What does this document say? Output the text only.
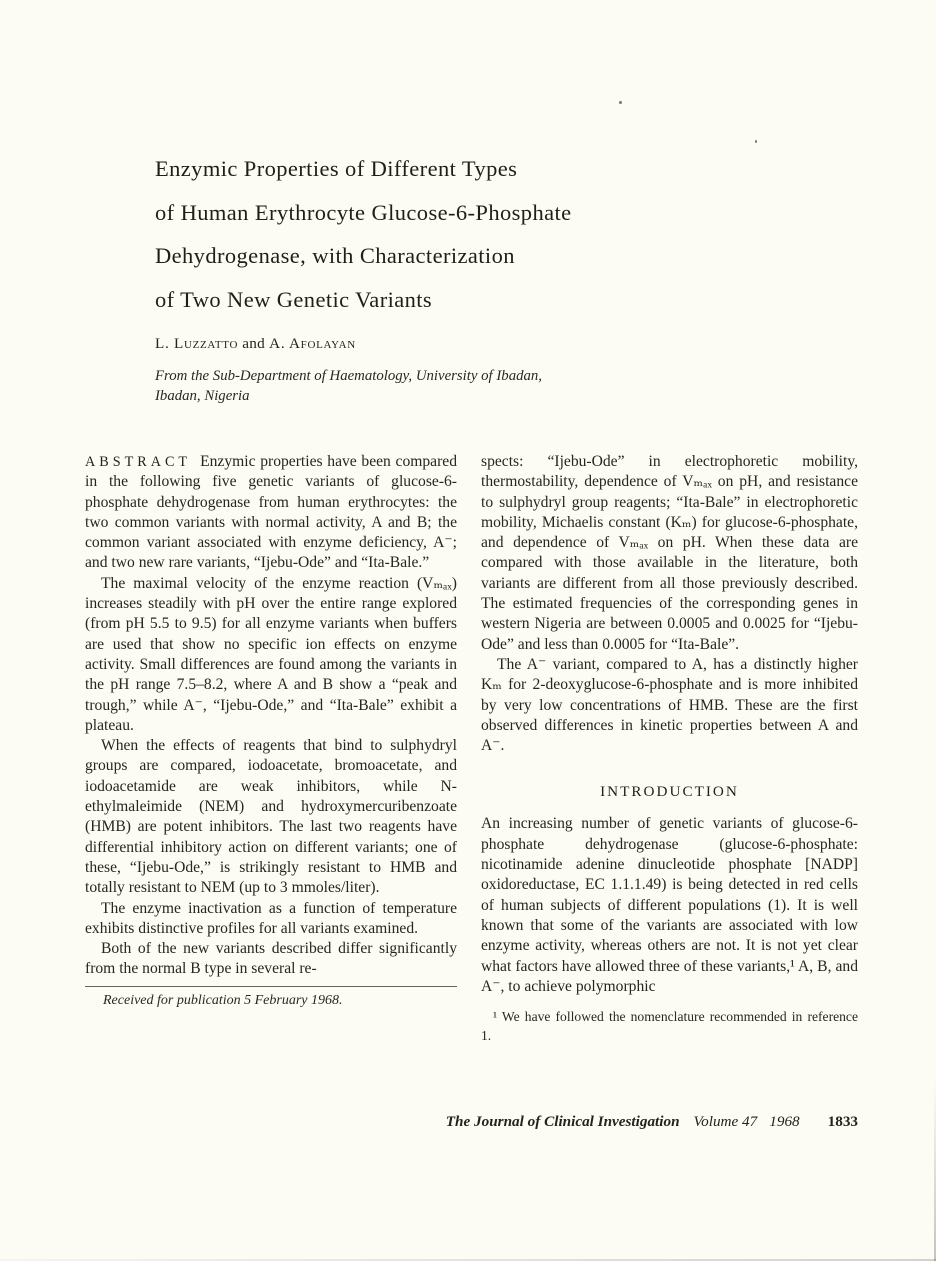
Enzymic Properties of Different Types
of Human Erythrocyte Glucose-6-Phosphate
Dehydrogenase, with Characterization
of Two New Genetic Variants
L. Luzzatto and A. Afolayan
From the Sub-Department of Haematology, University of Ibadan,
Ibadan, Nigeria

ABSTRACT Enzymic properties have been compared in the following five genetic variants of glucose-6-phosphate dehydrogenase from human erythrocytes: the two common variants with normal activity, A and B; the common variant associated with enzyme deficiency, A⁻; and two new rare variants, “Ijebu-Ode” and “Ita-Bale.”

The maximal velocity of the enzyme reaction (Vₘₐₓ) increases steadily with pH over the entire range explored (from pH 5.5 to 9.5) for all enzyme variants when buffers are used that show no specific ion effects on enzyme activity. Small differences are found among the variants in the pH range 7.5–8.2, where A and B show a “peak and trough,” while A⁻, “Ijebu-Ode,” and “Ita-Bale” exhibit a plateau.

When the effects of reagents that bind to sulphydryl groups are compared, iodoacetate, bromoacetate, and iodoacetamide are weak inhibitors, while N-ethylmaleimide (NEM) and hydroxymercuribenzoate (HMB) are potent inhibitors. The last two reagents have differential inhibitory action on different variants; one of these, “Ijebu-Ode,” is strikingly resistant to HMB and totally resistant to NEM (up to 3 mmoles/liter).

The enzyme inactivation as a function of temperature exhibits distinctive profiles for all variants examined.

Both of the new variants described differ significantly from the normal B type in several re-

Received for publication 5 February 1968.

spects: “Ijebu-Ode” in electrophoretic mobility, thermostability, dependence of Vₘₐₓ on pH, and resistance to sulphydryl group reagents; “Ita-Bale” in electrophoretic mobility, Michaelis constant (Kₘ) for glucose-6-phosphate, and dependence of Vₘₐₓ on pH. When these data are compared with those available in the literature, both variants are different from all those previously described. The estimated frequencies of the corresponding genes in western Nigeria are between 0.0005 and 0.0025 for “Ijebu-Ode” and less than 0.0005 for “Ita-Bale”.

The A⁻ variant, compared to A, has a distinctly higher Kₘ for 2-deoxyglucose-6-phosphate and is more inhibited by very low concentrations of HMB. These are the first observed differences in kinetic properties between A and A⁻.

INTRODUCTION

An increasing number of genetic variants of glucose-6-phosphate dehydrogenase (glucose-6-phosphate: nicotinamide adenine dinucleotide phosphate [NADP] oxidoreductase, EC 1.1.1.49) is being detected in red cells of human subjects of different populations (1). It is well known that some of the variants are associated with low enzyme activity, whereas others are not. It is not yet clear what factors have allowed three of these variants,¹ A, B, and A⁻, to achieve polymorphic

¹ We have followed the nomenclature recommended in reference 1.

The Journal of Clinical Investigation Volume 47 1968 1833
